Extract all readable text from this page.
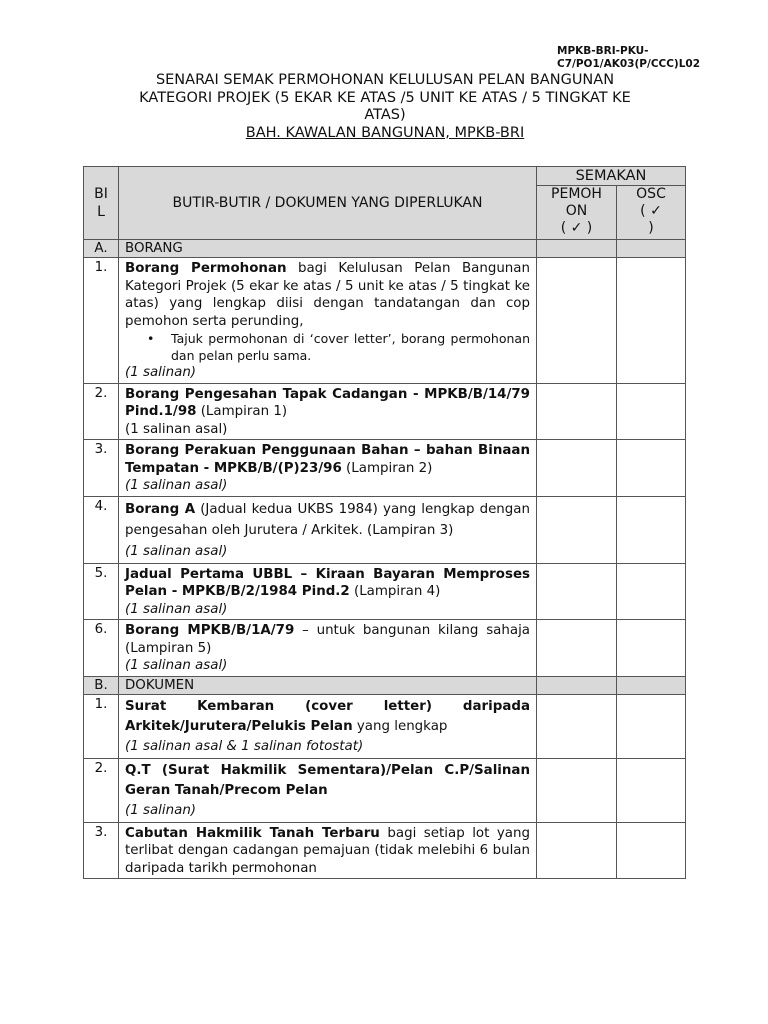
MPKB-BRI-PKU-
C7/PO1/AK03(P/CCC)L02
SENARAI SEMAK PERMOHONAN KELULUSAN PELAN BANGUNAN
KATEGORI PROJEK (5 EKAR KE ATAS /5 UNIT KE ATAS / 5 TINGKAT KE
ATAS)
BAH. KAWALAN BANGUNAN, MPKB-BRI
BI
L	BUTIR-BUTIR / DOKUMEN YANG DIPERLUKAN	SEMAKAN	
		PEMOH
ON
( ✓ )	OSC
( ✓
)
A.	BORANG		
1.	Borang Permohonan bagi Kelulusan Pelan Bangunan Kategori Projek (5 ekar ke atas / 5 unit ke atas / 5 tingkat ke atas) yang lengkap diisi dengan tandatangan dan cop pemohon serta perunding,
• Tajuk permohonan di ‘cover letter’, borang permohonan dan pelan perlu sama.
(1 salinan)		

2.	Borang Pengesahan Tapak Cadangan - MPKB/B/14/79 Pind.1/98 (Lampiran 1)
(1 salinan asal)		

3.	Borang Perakuan Penggunaan Bahan – bahan Binaan Tempatan - MPKB/B/(P)23/96 (Lampiran 2)
(1 salinan asal)		

4.	Borang A (Jadual kedua UKBS 1984) yang lengkap dengan pengesahan oleh Jurutera / Arkitek. (Lampiran 3)
(1 salinan asal)		

5.	Jadual Pertama UBBL – Kiraan Bayaran Memproses Pelan - MPKB/B/2/1984 Pind.2 (Lampiran 4)
(1 salinan asal)		

6.	Borang MPKB/B/1A/79 – untuk bangunan kilang sahaja (Lampiran 5)
(1 salinan asal)		

B.	DOKUMEN		
1.	Surat Kembaran (cover letter) daripada Arkitek/Jurutera/Pelukis Pelan yang lengkap
(1 salinan asal & 1 salinan fotostat)		

2.	Q.T (Surat Hakmilik Sementara)/Pelan C.P/Salinan Geran Tanah/Precom Pelan
(1 salinan)		

3.	Cabutan Hakmilik Tanah Terbaru bagi setiap lot yang terlibat dengan cadangan pemajuan (tidak melebihi 6 bulan daripada tarikh permohonan		
